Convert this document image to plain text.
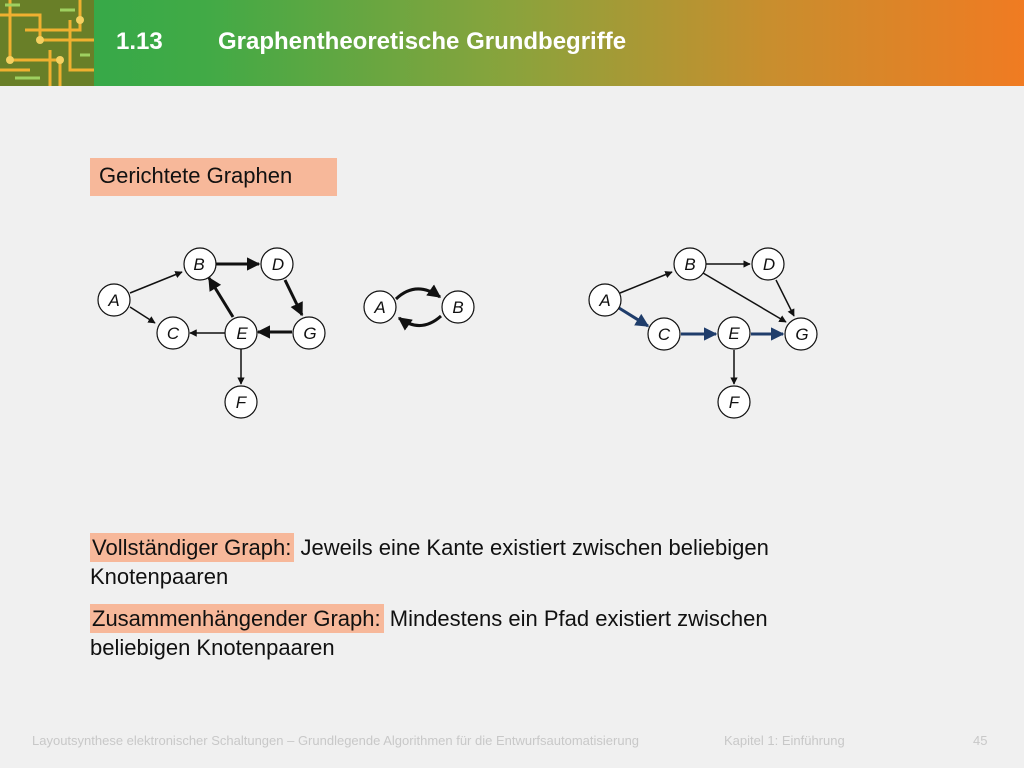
1.13 Graphentheoretische Grundbegriffe
Gerichtete Graphen
A
B
C
D
E
F
G
A	B	A
B
C
D
E
F
G
Vollständiger Graph: Jeweils eine Kante existiert zwischen beliebigen Knotenpaaren
Zusammenhängender Graph: Mindestens ein Pfad existiert zwischen beliebigen Knotenpaaren
Layoutsynthese elektronischer Schaltungen – Grundlegende Algorithmen für die Entwurfsautomatisierung	Kapitel 1: Einführung	45
